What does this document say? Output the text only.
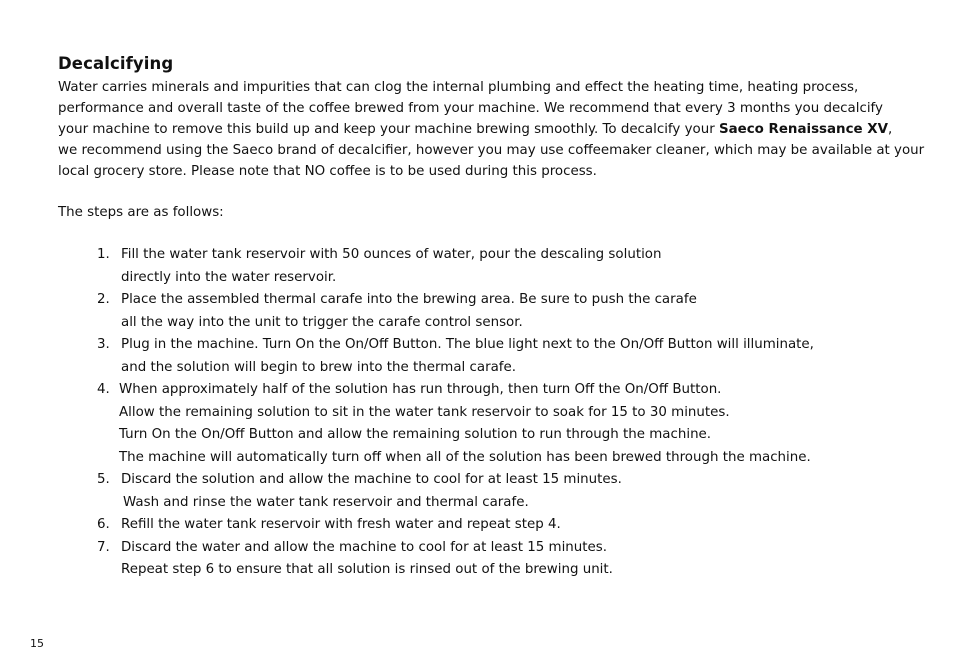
Decalcifying
Water carries minerals and impurities that can clog the internal plumbing and effect the heating time, heating process,
performance and overall taste of the coffee brewed from your machine. We recommend that every 3 months you decalcify
your machine to remove this build up and keep your machine brewing smoothly. To decalcify your Saeco Renaissance XV,
we recommend using the Saeco brand of decalcifier, however you may use coffeemaker cleaner, which may be available at your
local grocery store. Please note that NO coffee is to be used during this process.
The steps are as follows:
1. Fill the water tank reservoir with 50 ounces of water, pour the descaling solution
directly into the water reservoir.
2. Place the assembled thermal carafe into the brewing area. Be sure to push the carafe
all the way into the unit to trigger the carafe control sensor.
3. Plug in the machine. Turn On the On/Off Button. The blue light next to the On/Off Button will illuminate,
and the solution will begin to brew into the thermal carafe.
4. When approximately half of the solution has run through, then turn Off the On/Off Button.
Allow the remaining solution to sit in the water tank reservoir to soak for 15 to 30 minutes.
Turn On the On/Off Button and allow the remaining solution to run through the machine.
The machine will automatically turn off when all of the solution has been brewed through the machine.
5. Discard the solution and allow the machine to cool for at least 15 minutes.
Wash and rinse the water tank reservoir and thermal carafe.
6. Refill the water tank reservoir with fresh water and repeat step 4.
7. Discard the water and allow the machine to cool for at least 15 minutes.
Repeat step 6 to ensure that all solution is rinsed out of the brewing unit.
15
